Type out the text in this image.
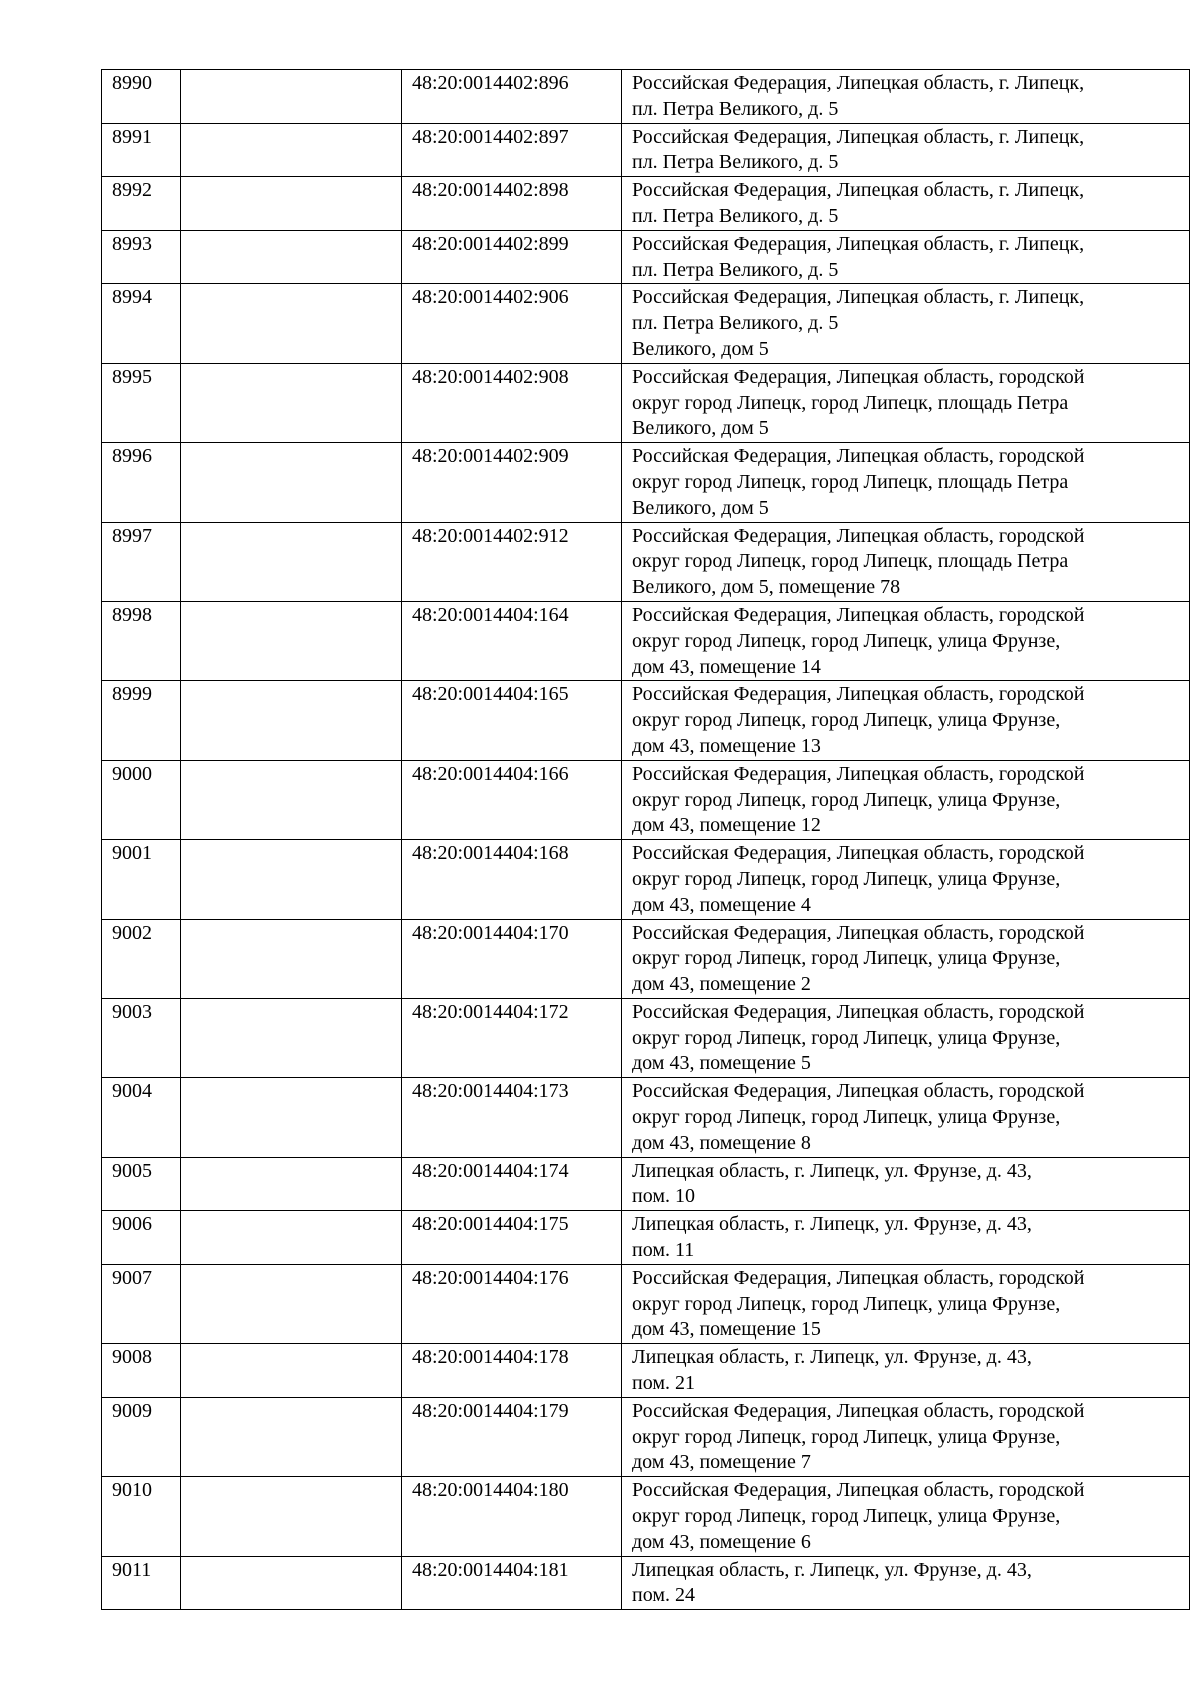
8990		48:20:0014402:896	Российская Федерация, Липецкая область, г. Липецк,
пл. Петра Великого, д. 5

8991		48:20:0014402:897	Российская Федерация, Липецкая область, г. Липецк,
пл. Петра Великого, д. 5

8992		48:20:0014402:898	Российская Федерация, Липецкая область, г. Липецк,
пл. Петра Великого, д. 5

8993		48:20:0014402:899	Российская Федерация, Липецкая область, г. Липецк,
пл. Петра Великого, д. 5

8994		48:20:0014402:906	Российская Федерация, Липецкая область, г. Липецк,
пл. Петра Великого, д. 5
Великого, дом 5

8995		48:20:0014402:908	Российская Федерация, Липецкая область, городской
округ город Липецк, город Липецк, площадь Петра
Великого, дом 5

8996		48:20:0014402:909	Российская Федерация, Липецкая область, городской
округ город Липецк, город Липецк, площадь Петра
Великого, дом 5

8997		48:20:0014402:912	Российская Федерация, Липецкая область, городской
округ город Липецк, город Липецк, площадь Петра
Великого, дом 5, помещение 78

8998		48:20:0014404:164	Российская Федерация, Липецкая область, городской
округ город Липецк, город Липецк, улица Фрунзе,
дом 43, помещение 14

8999		48:20:0014404:165	Российская Федерация, Липецкая область, городской
округ город Липецк, город Липецк, улица Фрунзе,
дом 43, помещение 13

9000		48:20:0014404:166	Российская Федерация, Липецкая область, городской
округ город Липецк, город Липецк, улица Фрунзе,
дом 43, помещение 12

9001		48:20:0014404:168	Российская Федерация, Липецкая область, городской
округ город Липецк, город Липецк, улица Фрунзе,
дом 43, помещение 4

9002		48:20:0014404:170	Российская Федерация, Липецкая область, городской
округ город Липецк, город Липецк, улица Фрунзе,
дом 43, помещение 2

9003		48:20:0014404:172	Российская Федерация, Липецкая область, городской
округ город Липецк, город Липецк, улица Фрунзе,
дом 43, помещение 5

9004		48:20:0014404:173	Российская Федерация, Липецкая область, городской
округ город Липецк, город Липецк, улица Фрунзе,
дом 43, помещение 8

9005		48:20:0014404:174	Липецкая область, г. Липецк, ул. Фрунзе, д. 43,
пом. 10

9006		48:20:0014404:175	Липецкая область, г. Липецк, ул. Фрунзе, д. 43,
пом. 11

9007		48:20:0014404:176	Российская Федерация, Липецкая область, городской
округ город Липецк, город Липецк, улица Фрунзе,
дом 43, помещение 15

9008		48:20:0014404:178	Липецкая область, г. Липецк, ул. Фрунзе, д. 43,
пом. 21

9009		48:20:0014404:179	Российская Федерация, Липецкая область, городской
округ город Липецк, город Липецк, улица Фрунзе,
дом 43, помещение 7

9010		48:20:0014404:180	Российская Федерация, Липецкая область, городской
округ город Липецк, город Липецк, улица Фрунзе,
дом 43, помещение 6

9011		48:20:0014404:181	Липецкая область, г. Липецк, ул. Фрунзе, д. 43,
пом. 24
